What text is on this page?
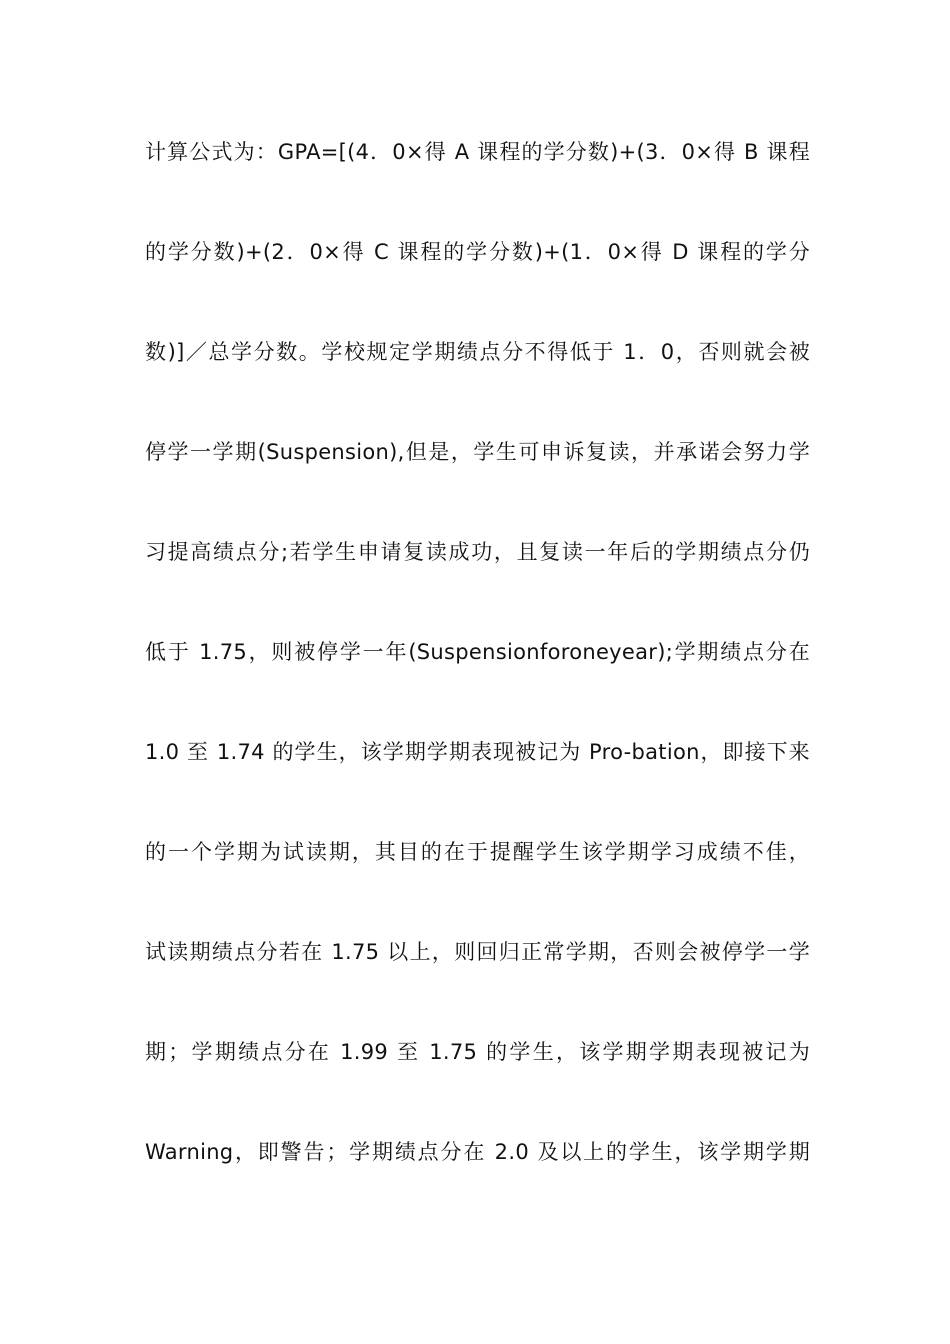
计算公式为：GPA=[(4．0×得 A 课程的学分数)+(3．0×得 B 课程
的学分数)+(2．0×得 C 课程的学分数)+(1．0×得 D 课程的学分
数)]／总学分数。学校规定学期绩点分不得低于 1．0，否则就会被
停学一学期(Suspension),但是，学生可申诉复读，并承诺会努力学
习提高绩点分;若学生申请复读成功，且复读一年后的学期绩点分仍
低于 1.75，则被停学一年(Suspensionforoneyear);学期绩点分在
1.0 至 1.74 的学生，该学期学期表现被记为 Pro-bation，即接下来
的一个学期为试读期，其目的在于提醒学生该学期学习成绩不佳，
试读期绩点分若在 1.75 以上，则回归正常学期，否则会被停学一学
期；学期绩点分在 1.99 至 1.75 的学生，该学期学期表现被记为
Warning，即警告；学期绩点分在 2.0 及以上的学生，该学期学期
